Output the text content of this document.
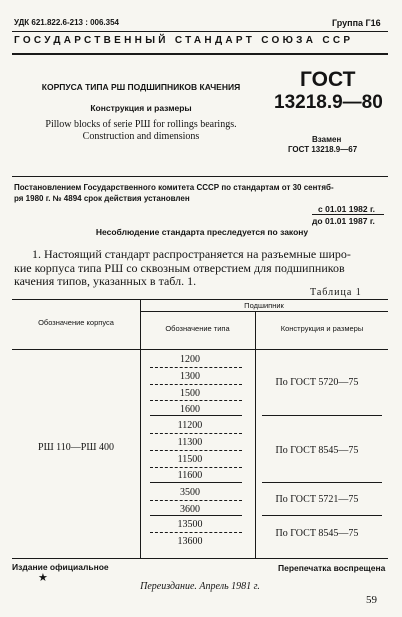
УДК 621.822.6-213 : 006.354	Группа Г16
ГОСУДАРСТВЕННЫЙ СТАНДАРТ СОЮЗА ССР
КОРПУСА ТИПА РШ ПОДШИПНИКОВ КАЧЕНИЯ
Конструкция и размеры
Pillow blocks of serie РШ for rollings bearings.
Construction and dimensions
ГОСТ
13218.9—80
Взамен
ГОСТ 13218.9—67
Постановлением Государственного комитета СССР по стандартам от 30 сентяб-
ря 1980 г. № 4894 срок действия установлен
с 01.01 1982 г.
до 01.01 1987 г.
Несоблюдение стандарта преследуется по закону
1. Настоящий стандарт распространяется на разъемные широ-
кие корпуса типа РШ со сквозным отверстием для подшипников
качения типов, указанных в табл. 1.
Таблица 1
Обозначение корпуса
Подшипник
Обозначение типа	Конструкция и размеры
РШ 110—РШ 400
1200
1300
1500
1600
11200
11300
11500
11600
3500
3600
13500
13600
По ГОСТ 5720—75
По ГОСТ 8545—75
По ГОСТ 5721—75
По ГОСТ 8545—75
Издание официальное
★
Перепечатка воспрещена
Переиздание. Апрель 1981 г.
59
